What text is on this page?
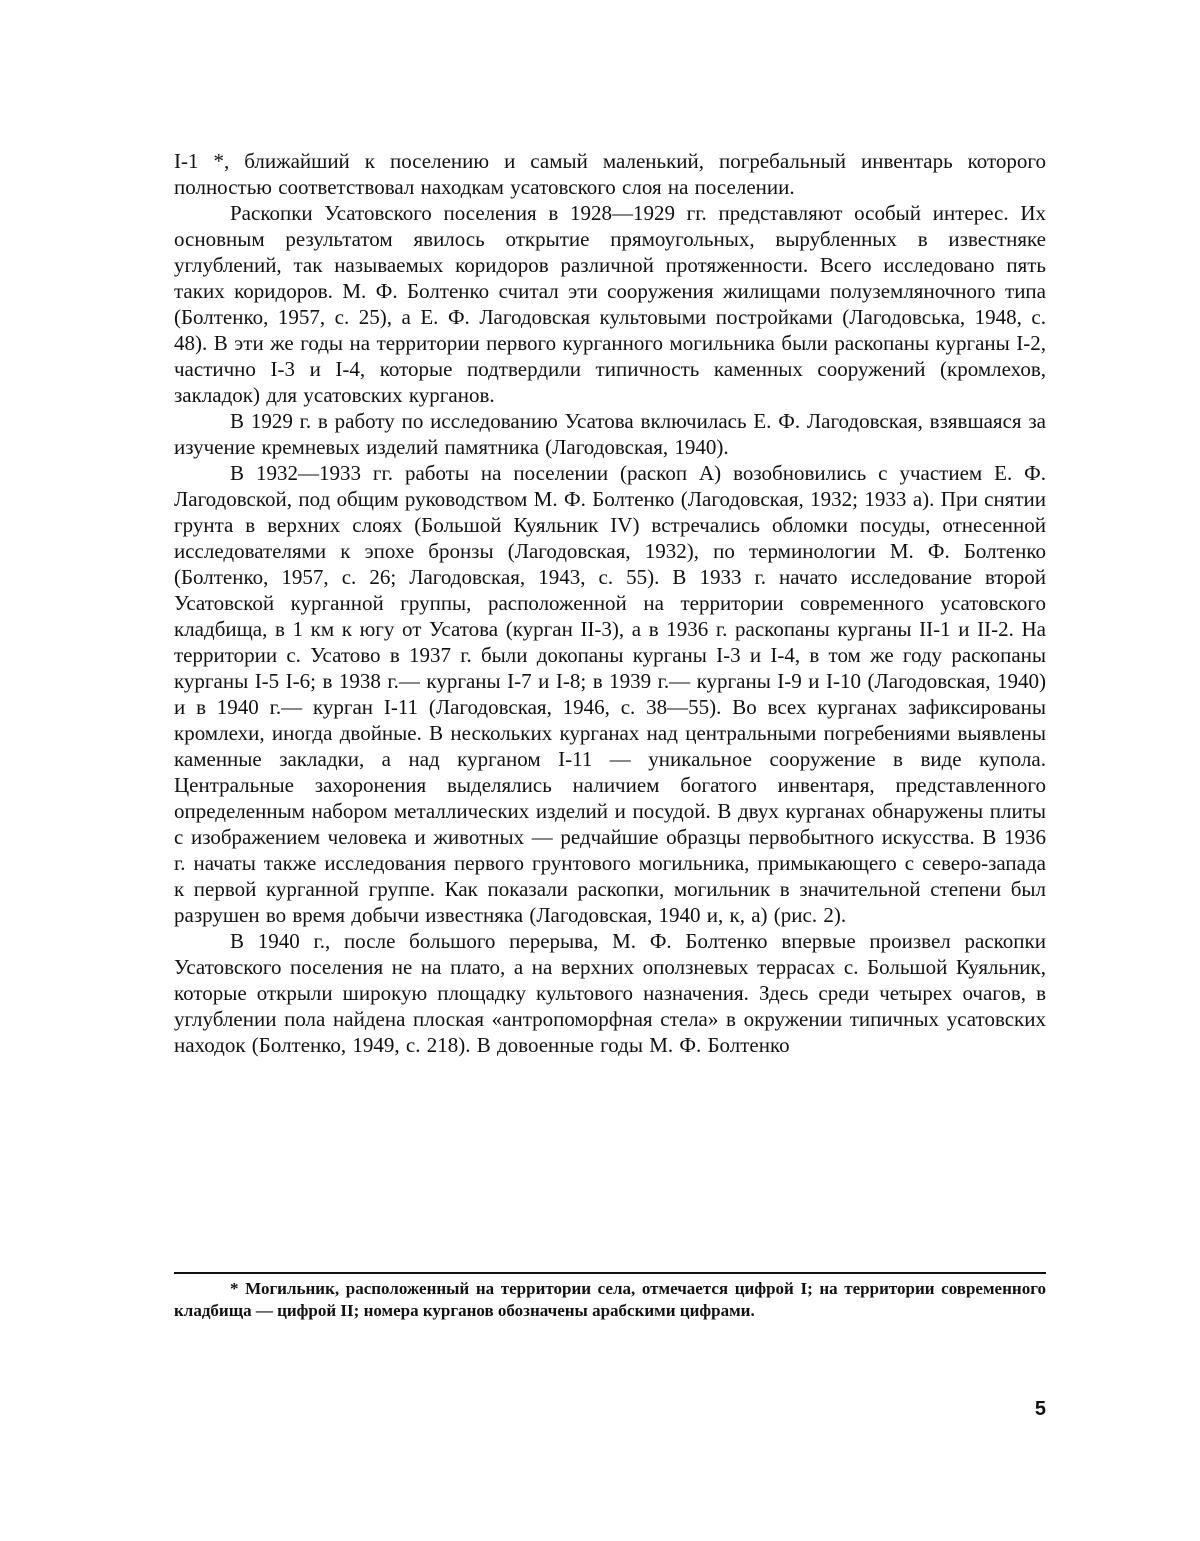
І-1 *, ближайший к поселению и самый маленький, погребальный инвентарь которого полностью соответствовал находкам усатовского слоя на поселении.

Раскопки Усатовского поселения в 1928—1929 гг. представляют особый интерес. Их основным результатом явилось открытие прямоугольных, вырубленных в известняке углублений, так называемых коридоров различной протяженности. Всего исследовано пять таких коридоров. М. Ф. Болтенко считал эти сооружения жилищами полуземляночного типа (Болтенко, 1957, с. 25), а Е. Ф. Лагодовская культовыми постройками (Лагодовська, 1948, с. 48). В эти же годы на территории первого курганного могильника были раскопаны курганы І-2, частично І-3 и І-4, которые подтвердили типичность каменных сооружений (кромлехов, закладок) для усатовских курганов.

В 1929 г. в работу по исследованию Усатова включилась Е. Ф. Лагодовская, взявшаяся за изучение кремневых изделий памятника (Лагодовская, 1940).

В 1932—1933 гг. работы на поселении (раскоп А) возобновились с участием Е. Ф. Лагодовской, под общим руководством М. Ф. Болтенко (Лагодовская, 1932; 1933 а). При снятии грунта в верхних слоях (Большой Куяльник IV) встречались обломки посуды, отнесенной исследователями к эпохе бронзы (Лагодовская, 1932), по терминологии М. Ф. Болтенко (Болтенко, 1957, с. 26; Лагодовская, 1943, с. 55). В 1933 г. начато исследование второй Усатовской курганной группы, расположенной на территории современного усатовского кладбища, в 1 км к югу от Усатова (курган ІІ-3), а в 1936 г. раскопаны курганы ІІ-1 и ІІ-2. На территории с. Усатово в 1937 г. были докопаны курганы І-3 и І-4, в том же году раскопаны курганы І-5 І-6; в 1938 г.— курганы І-7 и І-8; в 1939 г.— курганы І-9 и І-10 (Лагодовская, 1940) и в 1940 г.— курган І-11 (Лагодовская, 1946, с. 38—55). Во всех курганах зафиксированы кромлехи, иногда двойные. В нескольких курганах над центральными погребениями выявлены каменные закладки, а над курганом І-11 — уникальное сооружение в виде купола. Центральные захоронения выделялись наличием богатого инвентаря, представленного определенным набором металлических изделий и посудой. В двух курганах обнаружены плиты с изображением человека и животных — редчайшие образцы первобытного искусства. В 1936 г. начаты также исследования первого грунтового могильника, примыкающего с северо-запада к первой курганной группе. Как показали раскопки, могильник в значительной степени был разрушен во время добычи известняка (Лагодовская, 1940 и, к, а) (рис. 2).

В 1940 г., после большого перерыва, М. Ф. Болтенко впервые произвел раскопки Усатовского поселения не на плато, а на верхних оползневых террасах с. Большой Куяльник, которые открыли широкую площадку культового назначения. Здесь среди четырех очагов, в углублении пола найдена плоская «антропоморфная стела» в окружении типичных усатовских находок (Болтенко, 1949, с. 218). В довоенные годы М. Ф. Болтенко

* Могильник, расположенный на территории села, отмечается цифрой І; на территории современного кладбища — цифрой ІІ; номера курганов обозначены арабскими цифрами.

5
